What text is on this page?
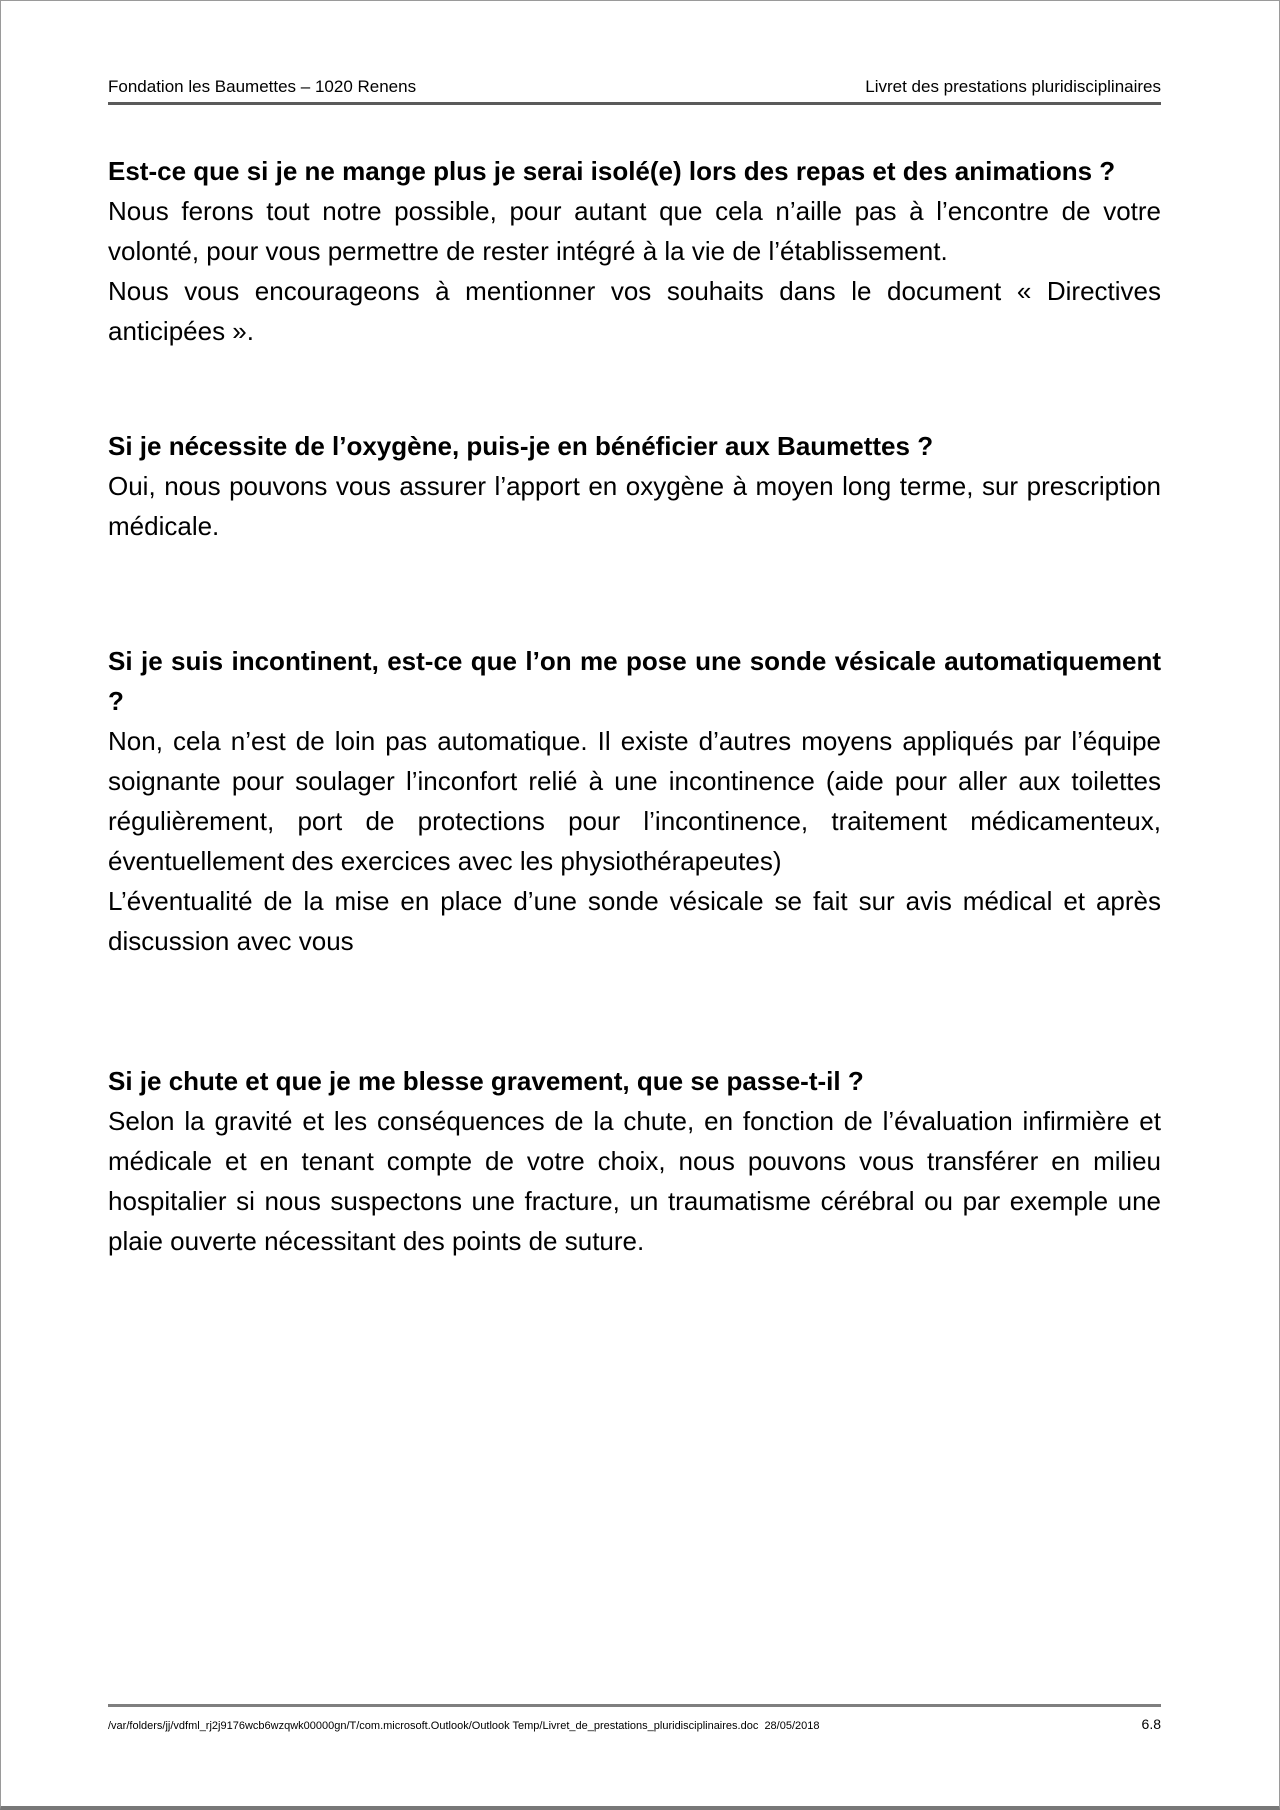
Fondation les Baumettes – 1020 Renens	Livret des prestations pluridisciplinaires

Est-ce que si je ne mange plus je serai isolé(e) lors des repas et des animations ?

Nous ferons tout notre possible, pour autant que cela n’aille pas à l’encontre de votre volonté, pour vous permettre de rester intégré à la vie de l’établissement.

Nous vous encourageons à mentionner vos souhaits dans le document « Directives anticipées ».

Si je nécessite de l’oxygène, puis-je en bénéficier aux Baumettes ?

Oui, nous pouvons vous assurer l’apport en oxygène à moyen long terme, sur prescription médicale.

Si je suis incontinent, est-ce que l’on me pose une sonde vésicale automatiquement ?

Non, cela n’est de loin pas automatique. Il existe d’autres moyens appliqués par l’équipe soignante pour soulager l’inconfort relié à une incontinence (aide pour aller aux toilettes régulièrement, port de protections pour l’incontinence, traitement médicamenteux, éventuellement des exercices avec les physiothérapeutes)

L’éventualité de la mise en place d’une sonde vésicale se fait sur avis médical et après discussion avec vous

Si je chute et que je me blesse gravement, que se passe-t-il ?

Selon la gravité et les conséquences de la chute, en fonction de l’évaluation infirmière et médicale et en tenant compte de votre choix, nous pouvons vous transférer en milieu hospitalier si nous suspectons une fracture, un traumatisme cérébral ou par exemple une plaie ouverte nécessitant des points de suture.

/var/folders/jj/vdfml_rj2j9176wcb6wzqwk00000gn/T/com.microsoft.Outlook/Outlook Temp/Livret_de_prestations_pluridisciplinaires.doc  28/05/2018	6.8
